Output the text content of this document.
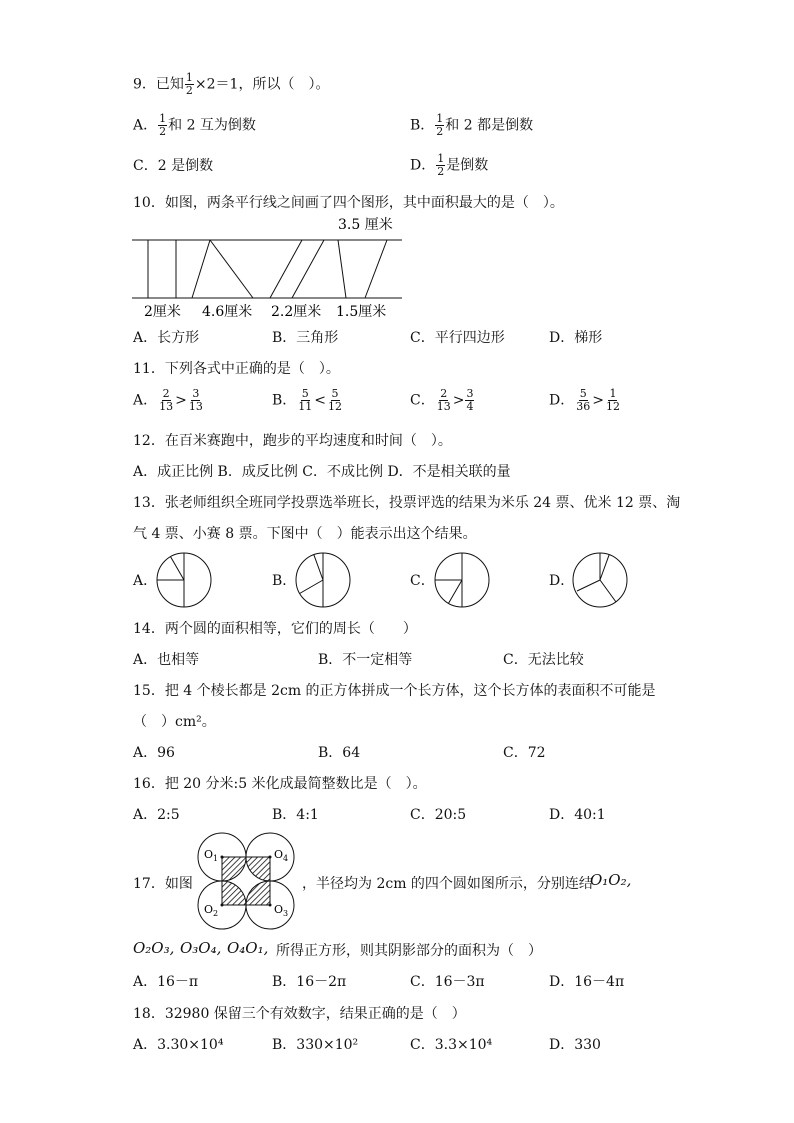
9．已知 $\frac{1}{2} \times 2=1$，所以（　）。
A． $\frac{1}{2}$ 和 2 互为倒数	B． $\frac{1}{2}$ 和 2 都是倒数
C．2 是倒数	D． $\frac{1}{2}$ 是倒数
10．如图，两条平行线之间画了四个图形，其中面积最大的是（　）。
3.5 厘米
2厘米 4.6厘米 2.2厘米 1.5厘米
A．长方形	B．三角形	C．平行四边形	D．梯形
11．下列各式中正确的是（　）。
A． $\frac{2}{13} > \frac{3}{13}$	B． $\frac{5}{11} < \frac{5}{12}$	C． $\frac{2}{13} > \frac{3}{4}$	D． $\frac{5}{36} > \frac{1}{12}$
12．在百米赛跑中，跑步的平均速度和时间（　）。
A．成正比例 B．成反比例 C．不成比例 D．不是相关联的量
13．张老师组织全班同学投票选举班长，投票评选的结果为米乐 24 票、优米 12 票、淘
气 4 票、小赛 8 票。下图中（　）能表示出这个结果。
A．	B．	C．	D．
14．两个圆的面积相等，它们的周长（　　）
A．也相等	B．不一定相等	C．无法比较
15．把 4 个棱长都是 2cm 的正方体拼成一个长方体，这个长方体的表面积不可能是
（　）cm²。
A．96	B．64	C．72
16．把 20 分米:5 米化成最简整数比是（　）。
A．2:5	B．4:1	C．20:5	D．40:1
17．如图
$O_1$	$O_4$
$O_2$	$O_3$
，半径均为 2cm 的四个圆如图所示，分别连结
O₁O₂,
O₂O₃, O₃O₄, O₄O₁, 所得正方形，则其阴影部分的面积为（　）
A．16－π	B．16－2π	C．16－3π	D．16－4π
18．32980 保留三个有效数字，结果正确的是（　）
A．3.30×10⁴	B．330×10²	C．3.3×10⁴	D．330
